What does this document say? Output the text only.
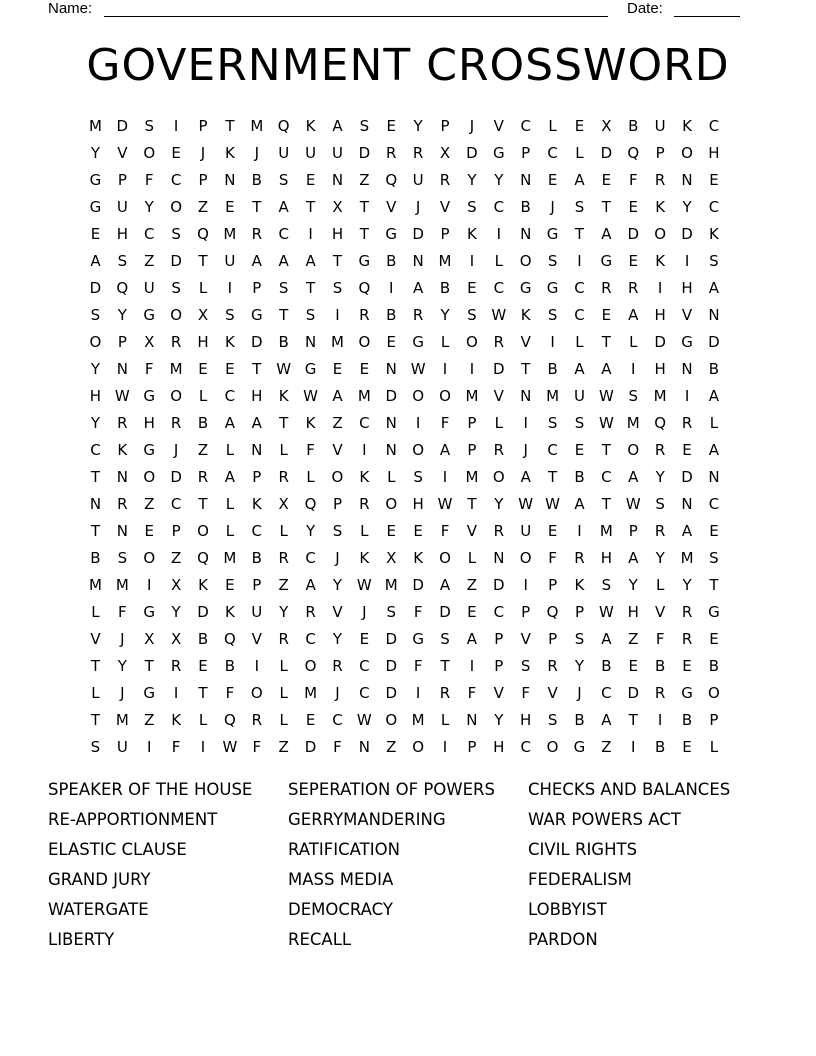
Name:	Date:
GOVERNMENT CROSSWORD
M D	S	I	P	T	M Q	K	A	S	E	Y	P	J	V	C	L	E	X	B	U	K	C
Y	V	O	E	J	K	J	U	U	U	D	R	R	X	D	G	P	C	L	D	Q	P	O	H
G	P	F	C	P	N	B	S	E	N	Z	Q	U	R	Y	Y	N	E	A	E	F	R	N	E
G	U	Y	O	Z	E	T	A	T	X	T	V	J	V	S	C	B	J	S	T	E	K	Y	C
E	H	C	S	Q M	R	C	I	H	T	G	D	P	K	I	N	G	T	A	D	O	D	K
A	S	Z	D	T	U	A	A	A	T	G	B	N M	I	L	O	S	I	G	E	K	I	S
D	Q	U	S	L	I	P	S	T	S	Q	I	A	B	E	C	G	G	C	R	R	I	H	A
S	Y	G	O	X	S	G	T	S	I	R	B	R	Y	S W K	S	C	E	A	H	V	N
O	P	X	R	H	K	D	B	N M O	E	G	L	O	R	V	I	L	T	L	D	G	D
Y	N	F	M	E	E	T W G	E	E	N W	I	I	D	T	B	A	A	I	H	N	B
H W G	O	L	C	H	K W A	M D	O	O M	V	N M U W S	M	I	A
Y	R	H	R	B	A	A	T	K	Z	C	N	I	F	P	L	I	S	S W M Q	R	L
C	K	G	J	Z	L	N	L	F	V	I	N	O	A	P	R	J	C	E	T	O	R	E	A
T	N	O	D	R	A	P	R	L	O	K	L	S	I	M O	A	T	B	C	A	Y	D	N
N	R	Z	C	T	L	K	X	Q	P	R	O	H W T	Y W W A	T W S	N	C
T	N	E	P	O	L	C	L	Y	S	L	E	E	F	V	R	U	E	I	M	P	R	A	E
B	S	O	Z	Q M	B	R	C	J	K	X	K	O	L	N	O	F	R	H	A	Y	M	S
M M	I	X	K	E	P	Z	A	Y W M D	A	Z	D	I	P	K	S	Y	L	Y	T
L	F	G	Y	D	K	U	Y	R	V	J	S	F	D	E	C	P	Q	P W H	V	R	G
V	J	X	X	B	Q	V	R	C	Y	E	D	G	S	A	P	V	P	S	A	Z	F	R	E
T	Y	T	R	E	B	I	L	O	R	C	D	F	T	I	P	S	R	Y	B	E	B	E	B
L	J	G	I	T	F	O	L	M	J	C	D	I	R	F	V	F	V	J	C	D	R	G	O
T	M	Z	K	L	Q	R	L	E	C W O M	L	N	Y	H	S	B	A	T	I	B	P
S	U	I	F	I	W	F	Z	D	F	N	Z	O	I	P	H	C	O	G	Z	I	B	E	L
SPEAKER OF THE HOUSE	SEPERATION OF POWERS	CHECKS AND BALANCES
RE-APPORTIONMENT	GERRYMANDERING	WAR POWERS ACT
ELASTIC CLAUSE	RATIFICATION	CIVIL RIGHTS
GRAND JURY	MASS MEDIA	FEDERALISM
WATERGATE	DEMOCRACY	LOBBYIST
LIBERTY	RECALL	PARDON
